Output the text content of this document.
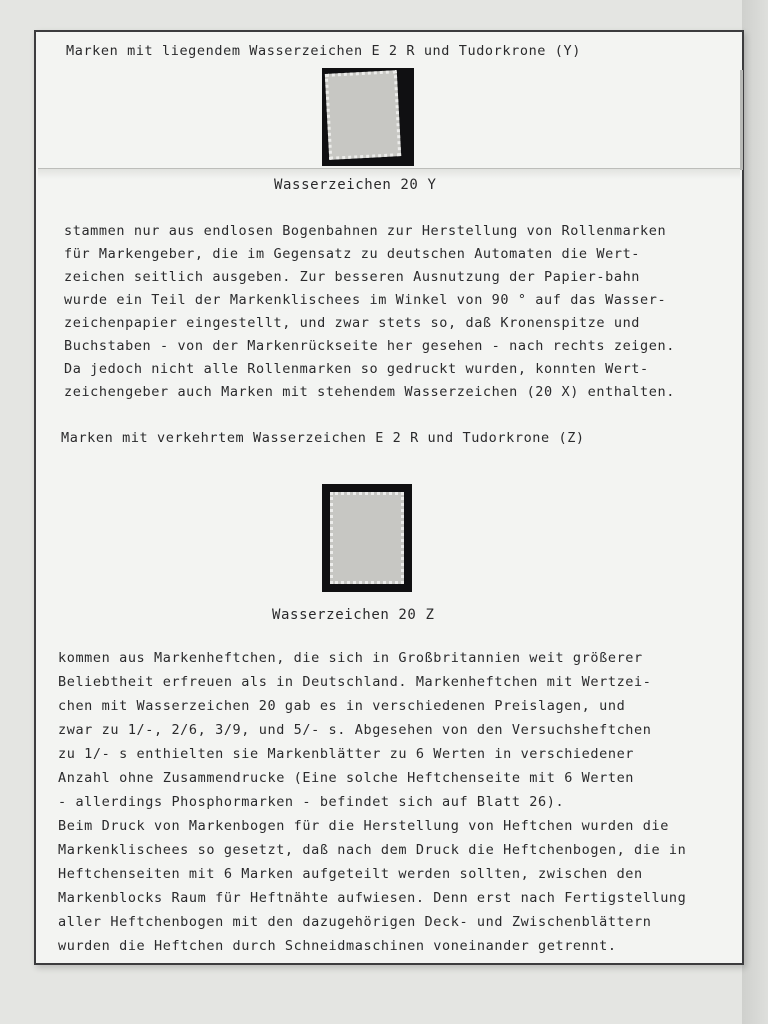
Marken mit liegendem Wasserzeichen E 2 R und Tudorkrone (Y)
Wasserzeichen 20 Y
stammen nur aus endlosen Bogenbahnen zur Herstellung von Rollenmarken
für Markengeber, die im Gegensatz zu deutschen Automaten die Wert-
zeichen seitlich ausgeben. Zur besseren Ausnutzung der Papier-bahn
wurde ein Teil der Markenklischees im Winkel von 90 ° auf das Wasser-
zeichenpapier eingestellt, und zwar stets so, daß Kronenspitze und
Buchstaben - von der Markenrückseite her gesehen - nach rechts zeigen.
Da jedoch nicht alle Rollenmarken so gedruckt wurden, konnten Wert-
zeichengeber auch Marken mit stehendem Wasserzeichen (20 X) enthalten.
Marken mit verkehrtem Wasserzeichen E 2 R und Tudorkrone (Z)
Wasserzeichen 20 Z
kommen aus Markenheftchen, die sich in Großbritannien weit größerer
Beliebtheit erfreuen als in Deutschland. Markenheftchen mit Wertzei-
chen mit Wasserzeichen 20 gab es in verschiedenen Preislagen, und
zwar zu 1/-, 2/6, 3/9, und 5/- s. Abgesehen von den Versuchsheftchen
zu 1/- s enthielten sie Markenblätter zu 6 Werten in verschiedener
Anzahl ohne Zusammendrucke (Eine solche Heftchenseite mit 6 Werten
- allerdings Phosphormarken - befindet sich auf Blatt 26).
Beim Druck von Markenbogen für die Herstellung von Heftchen wurden die
Markenklischees so gesetzt, daß nach dem Druck die Heftchenbogen, die in
Heftchenseiten mit 6 Marken aufgeteilt werden sollten, zwischen den
Markenblocks Raum für Heftnähte aufwiesen. Denn erst nach Fertigstellung
aller Heftchenbogen mit den dazugehörigen Deck- und Zwischenblättern
wurden die Heftchen durch Schneidmaschinen voneinander getrennt.
